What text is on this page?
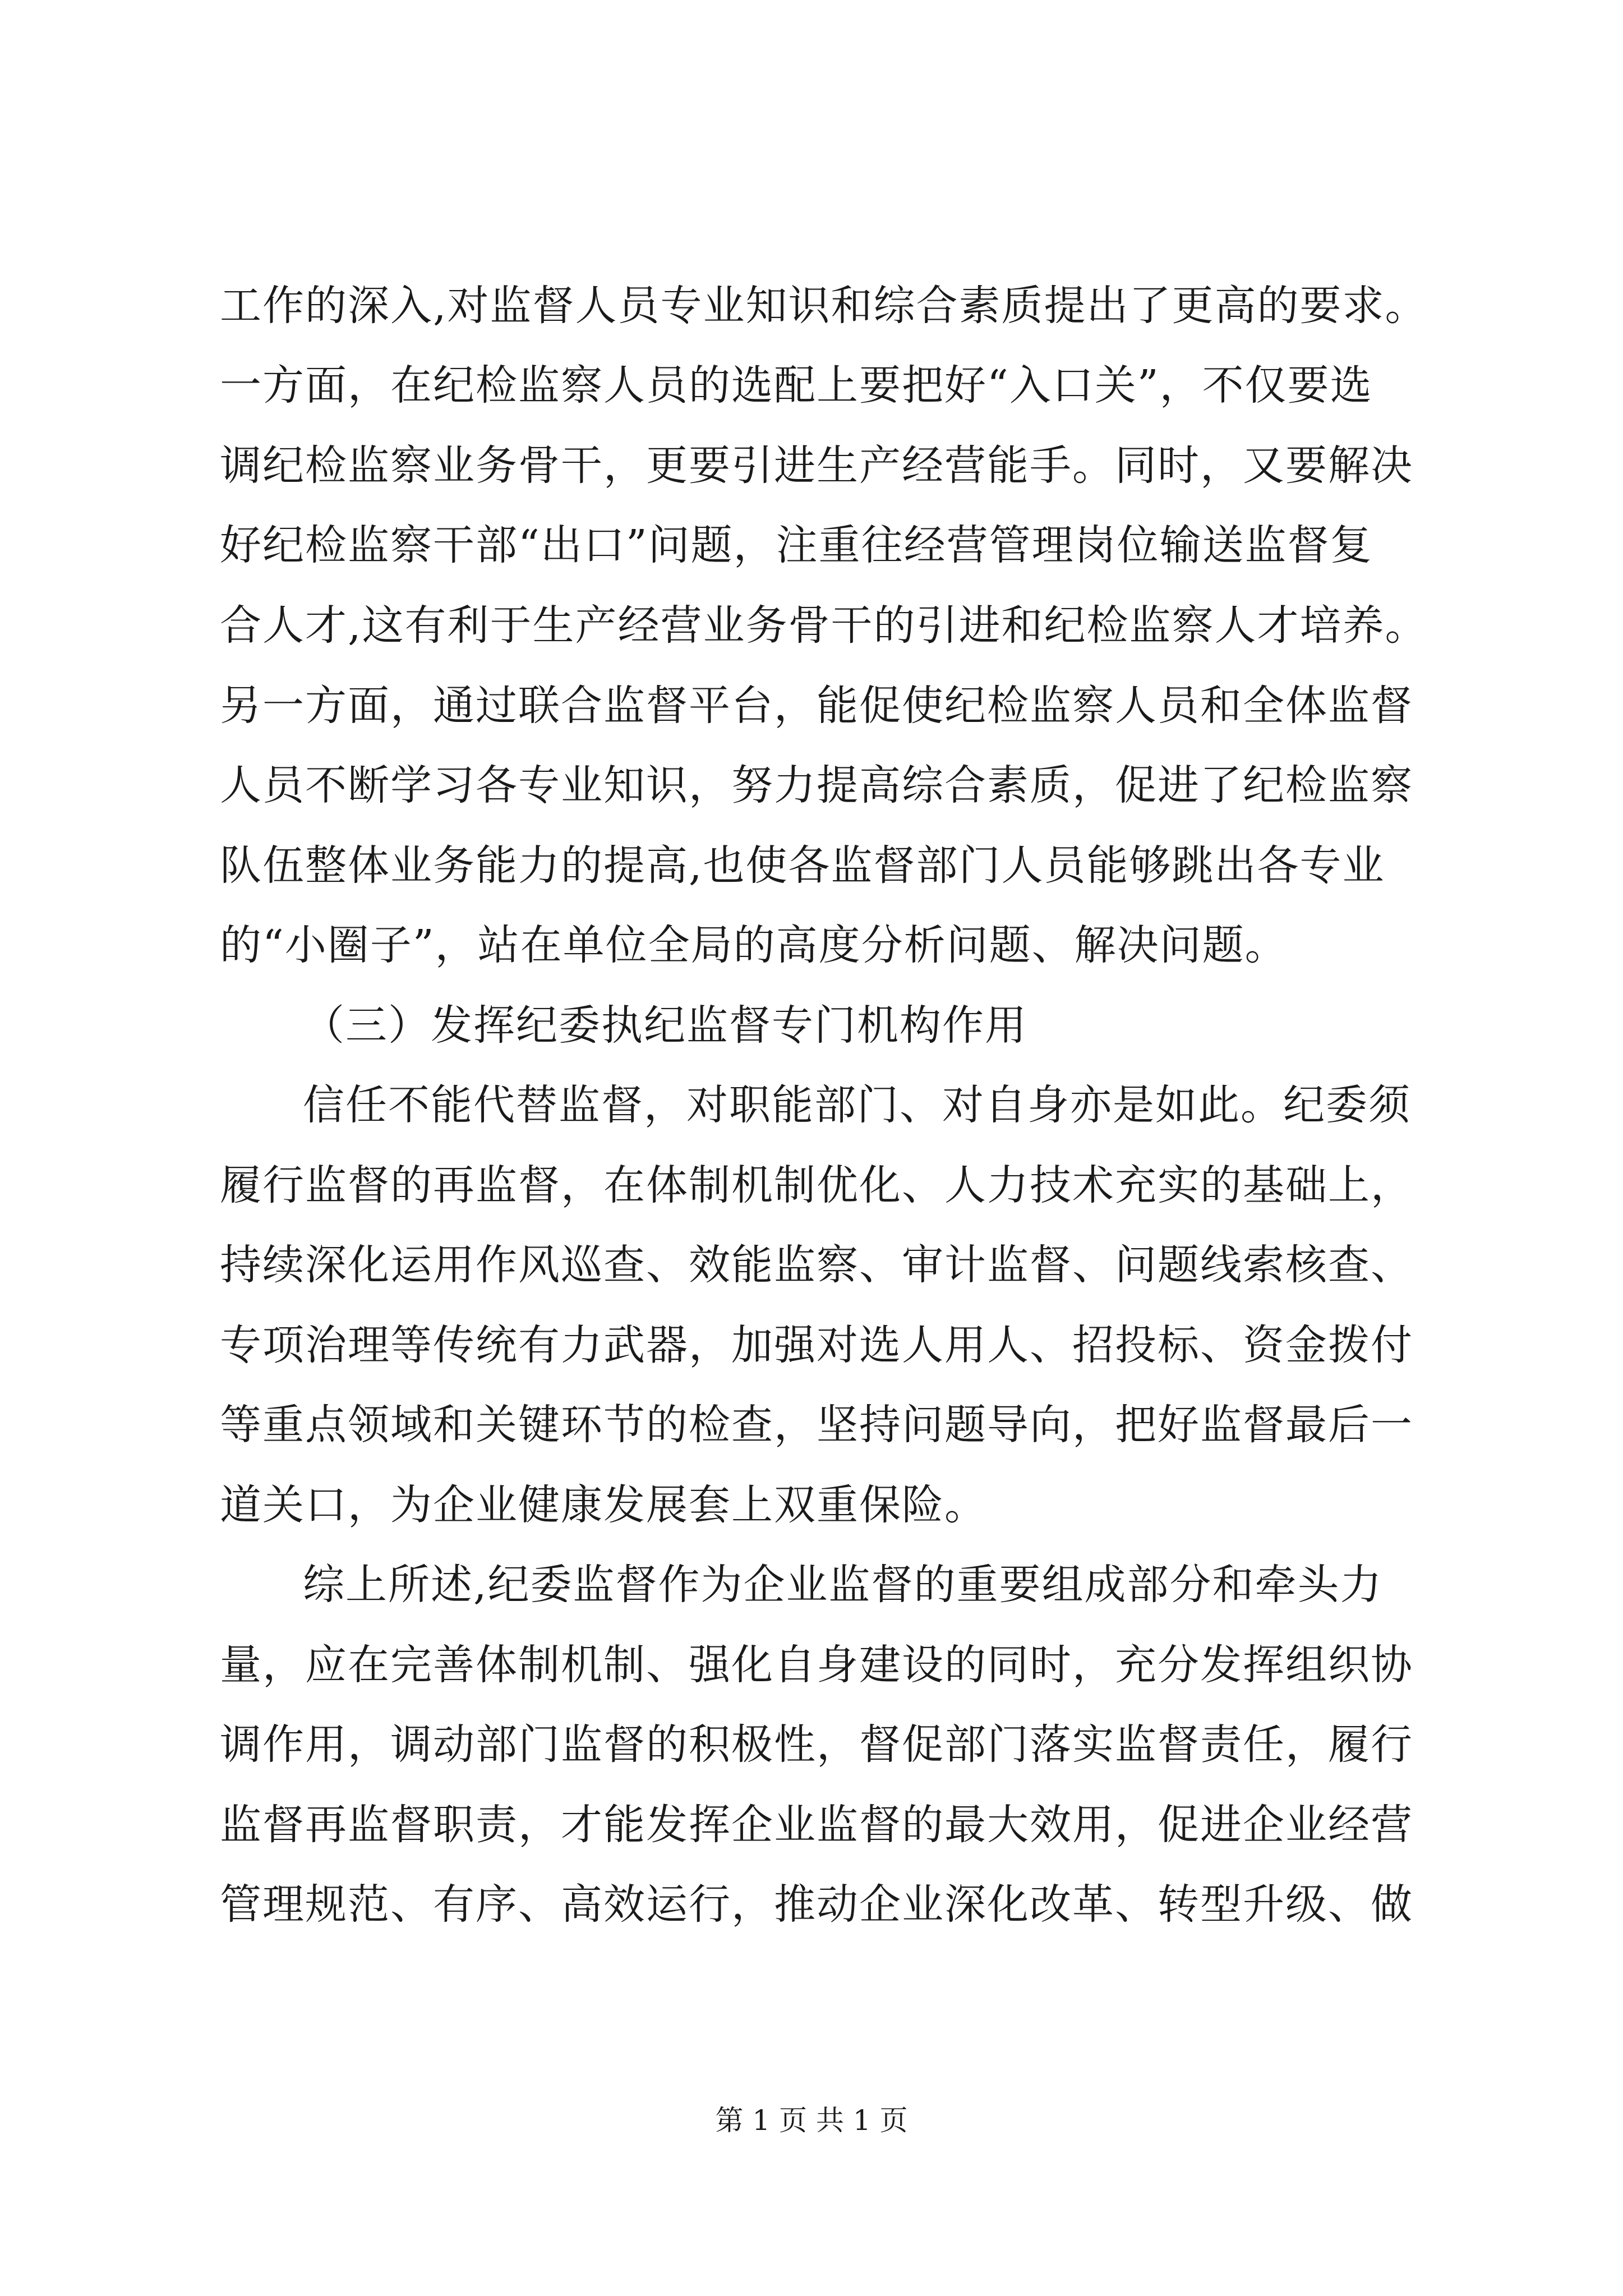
工作的深入,对监督人员专业知识和综合素质提出了更高的要求。
一方面，在纪检监察人员的选配上要把好“入口关”，不仅要选
调纪检监察业务骨干，更要引进生产经营能手。同时，又要解决
好纪检监察干部“出口”问题，注重往经营管理岗位输送监督复
合人才,这有利于生产经营业务骨干的引进和纪检监察人才培养。
另一方面，通过联合监督平台，能促使纪检监察人员和全体监督
人员不断学习各专业知识，努力提高综合素质，促进了纪检监察
队伍整体业务能力的提高,也使各监督部门人员能够跳出各专业
的“小圈子”，站在单位全局的高度分析问题、解决问题。
（三）发挥纪委执纪监督专门机构作用
信任不能代替监督，对职能部门、对自身亦是如此。纪委须
履行监督的再监督，在体制机制优化、人力技术充实的基础上，
持续深化运用作风巡查、效能监察、审计监督、问题线索核查、
专项治理等传统有力武器，加强对选人用人、招投标、资金拨付
等重点领域和关键环节的检查，坚持问题导向，把好监督最后一
道关口，为企业健康发展套上双重保险。
综上所述,纪委监督作为企业监督的重要组成部分和牵头力
量，应在完善体制机制、强化自身建设的同时，充分发挥组织协
调作用，调动部门监督的积极性，督促部门落实监督责任，履行
监督再监督职责，才能发挥企业监督的最大效用，促进企业经营
管理规范、有序、高效运行，推动企业深化改革、转型升级、做
第 1 页 共 1 页
